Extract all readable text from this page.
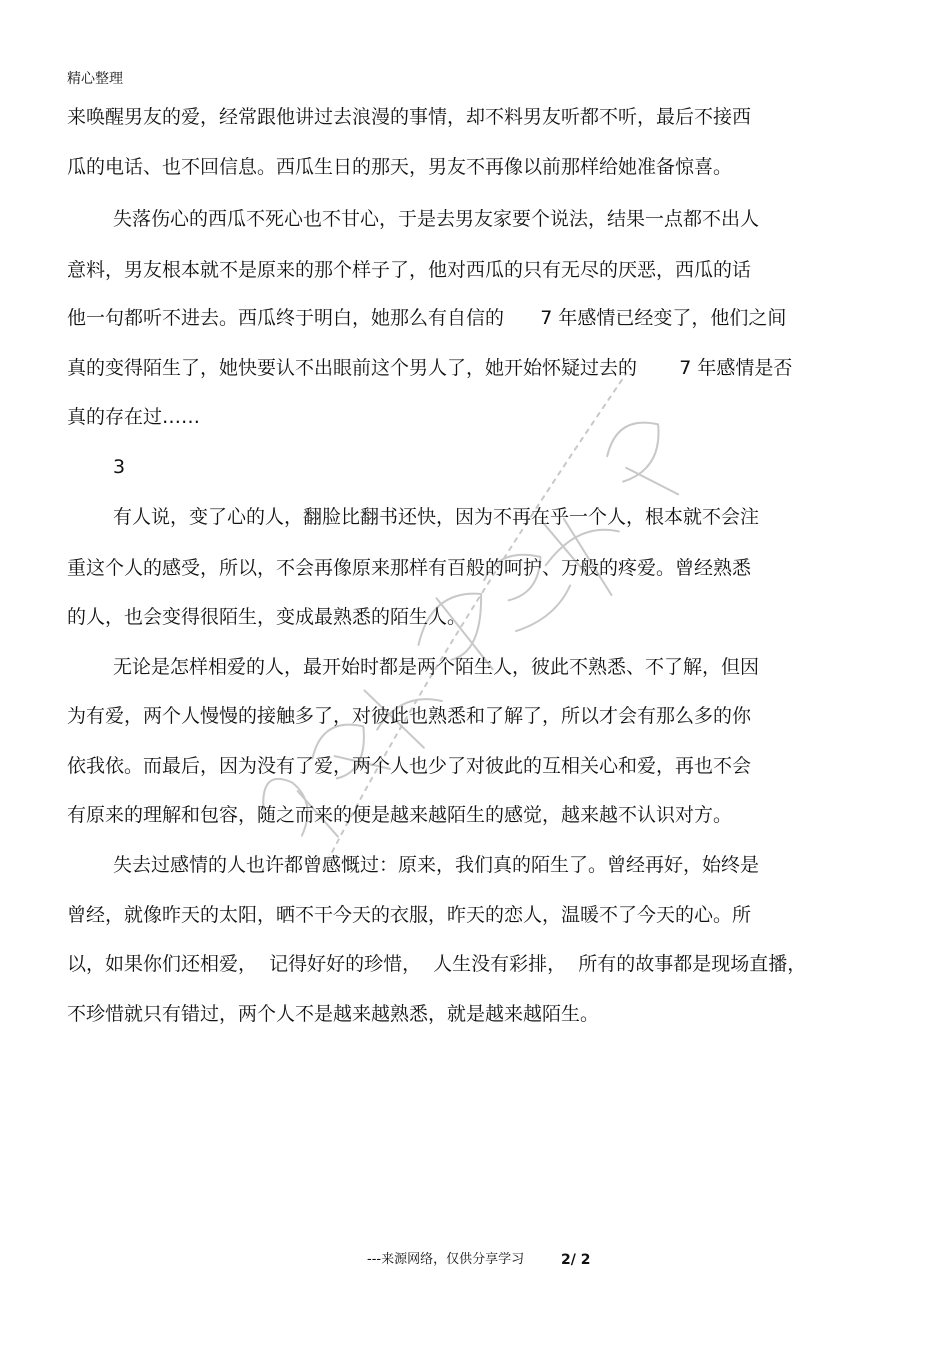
精心整理
来唤醒男友的爱，经常跟他讲过去浪漫的事情，却不料男友听都不听，最后不接西
瓜的电话、也不回信息。西瓜生日的那天，男友不再像以前那样给她准备惊喜。
失落伤心的西瓜不死心也不甘心，于是去男友家要个说法，结果一点都不出人
意料，男友根本就不是原来的那个样子了，他对西瓜的只有无尽的厌恶，西瓜的话
他一句都听不进去。西瓜终于明白，她那么有自信的      7 年感情已经变了，他们之间
真的变得陌生了，她快要认不出眼前这个男人了，她开始怀疑过去的       7 年感情是否
真的存在过……
3
有人说，变了心的人，翻脸比翻书还快，因为不再在乎一个人，根本就不会注
重这个人的感受，所以，不会再像原来那样有百般的呵护、万般的疼爱。曾经熟悉
的人，也会变得很陌生，变成最熟悉的陌生人。
无论是怎样相爱的人，最开始时都是两个陌生人，彼此不熟悉、不了解，但因
为有爱，两个人慢慢的接触多了，对彼此也熟悉和了解了，所以才会有那么多的你
依我依。而最后，因为没有了爱，两个人也少了对彼此的互相关心和爱，再也不会
有原来的理解和包容，随之而来的便是越来越陌生的感觉，越来越不认识对方。
失去过感情的人也许都曾感慨过：原来，我们真的陌生了。曾经再好，始终是
曾经，就像昨天的太阳，晒不干今天的衣服，昨天的恋人，温暖不了今天的心。所
以，如果你们还相爱，  记得好好的珍惜，  人生没有彩排，  所有的故事都是现场直播，
不珍惜就只有错过，两个人不是越来越熟悉，就是越来越陌生。
---来源网络，仅供分享学习	2/ 2
